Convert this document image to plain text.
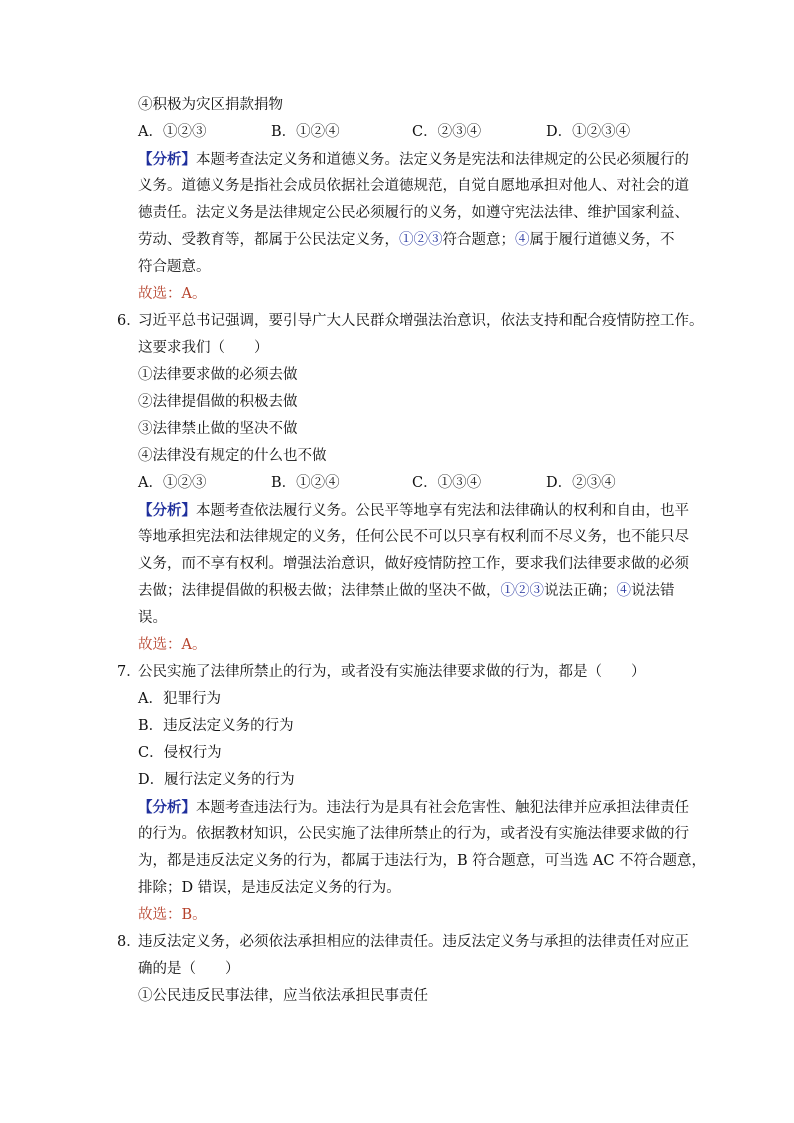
④积极为灾区捐款捐物
A．①②③	B．①②④	C．②③④	D．①②③④
【分析】本题考查法定义务和道德义务。法定义务是宪法和法律规定的公民必须履行的
义务。道德义务是指社会成员依据社会道德规范，自觉自愿地承担对他人、对社会的道
德责任。法定义务是法律规定公民必须履行的义务，如遵守宪法法律、维护国家利益、
劳动、受教育等，都属于公民法定义务，①②③符合题意；④属于履行道德义务，不
符合题意。
故选：A。
6．
习近平总书记强调，要引导广大人民群众增强法治意识，依法支持和配合疫情防控工作。
这要求我们（　　）
①法律要求做的必须去做
②法律提倡做的积极去做
③法律禁止做的坚决不做
④法律没有规定的什么也不做
A．①②③	B．①②④	C．①③④	D．②③④
【分析】本题考查依法履行义务。公民平等地享有宪法和法律确认的权利和自由，也平
等地承担宪法和法律规定的义务，任何公民不可以只享有权利而不尽义务，也不能只尽
义务，而不享有权利。增强法治意识，做好疫情防控工作，要求我们法律要求做的必须
去做；法律提倡做的积极去做；法律禁止做的坚决不做，①②③说法正确；④说法错
误。
故选：A。
7．
公民实施了法律所禁止的行为，或者没有实施法律要求做的行为，都是（　　）
A．犯罪行为
B．违反法定义务的行为
C．侵权行为
D．履行法定义务的行为
【分析】本题考查违法行为。违法行为是具有社会危害性、触犯法律并应承担法律责任
的行为。依据教材知识，公民实施了法律所禁止的行为，或者没有实施法律要求做的行
为，都是违反法定义务的行为，都属于违法行为，B 符合题意，可当选 AC 不符合题意，
排除；D 错误，是违反法定义务的行为。
故选：B。
8．
违反法定义务，必须依法承担相应的法律责任。违反法定义务与承担的法律责任对应正
确的是（　　）
①公民违反民事法律，应当依法承担民事责任
